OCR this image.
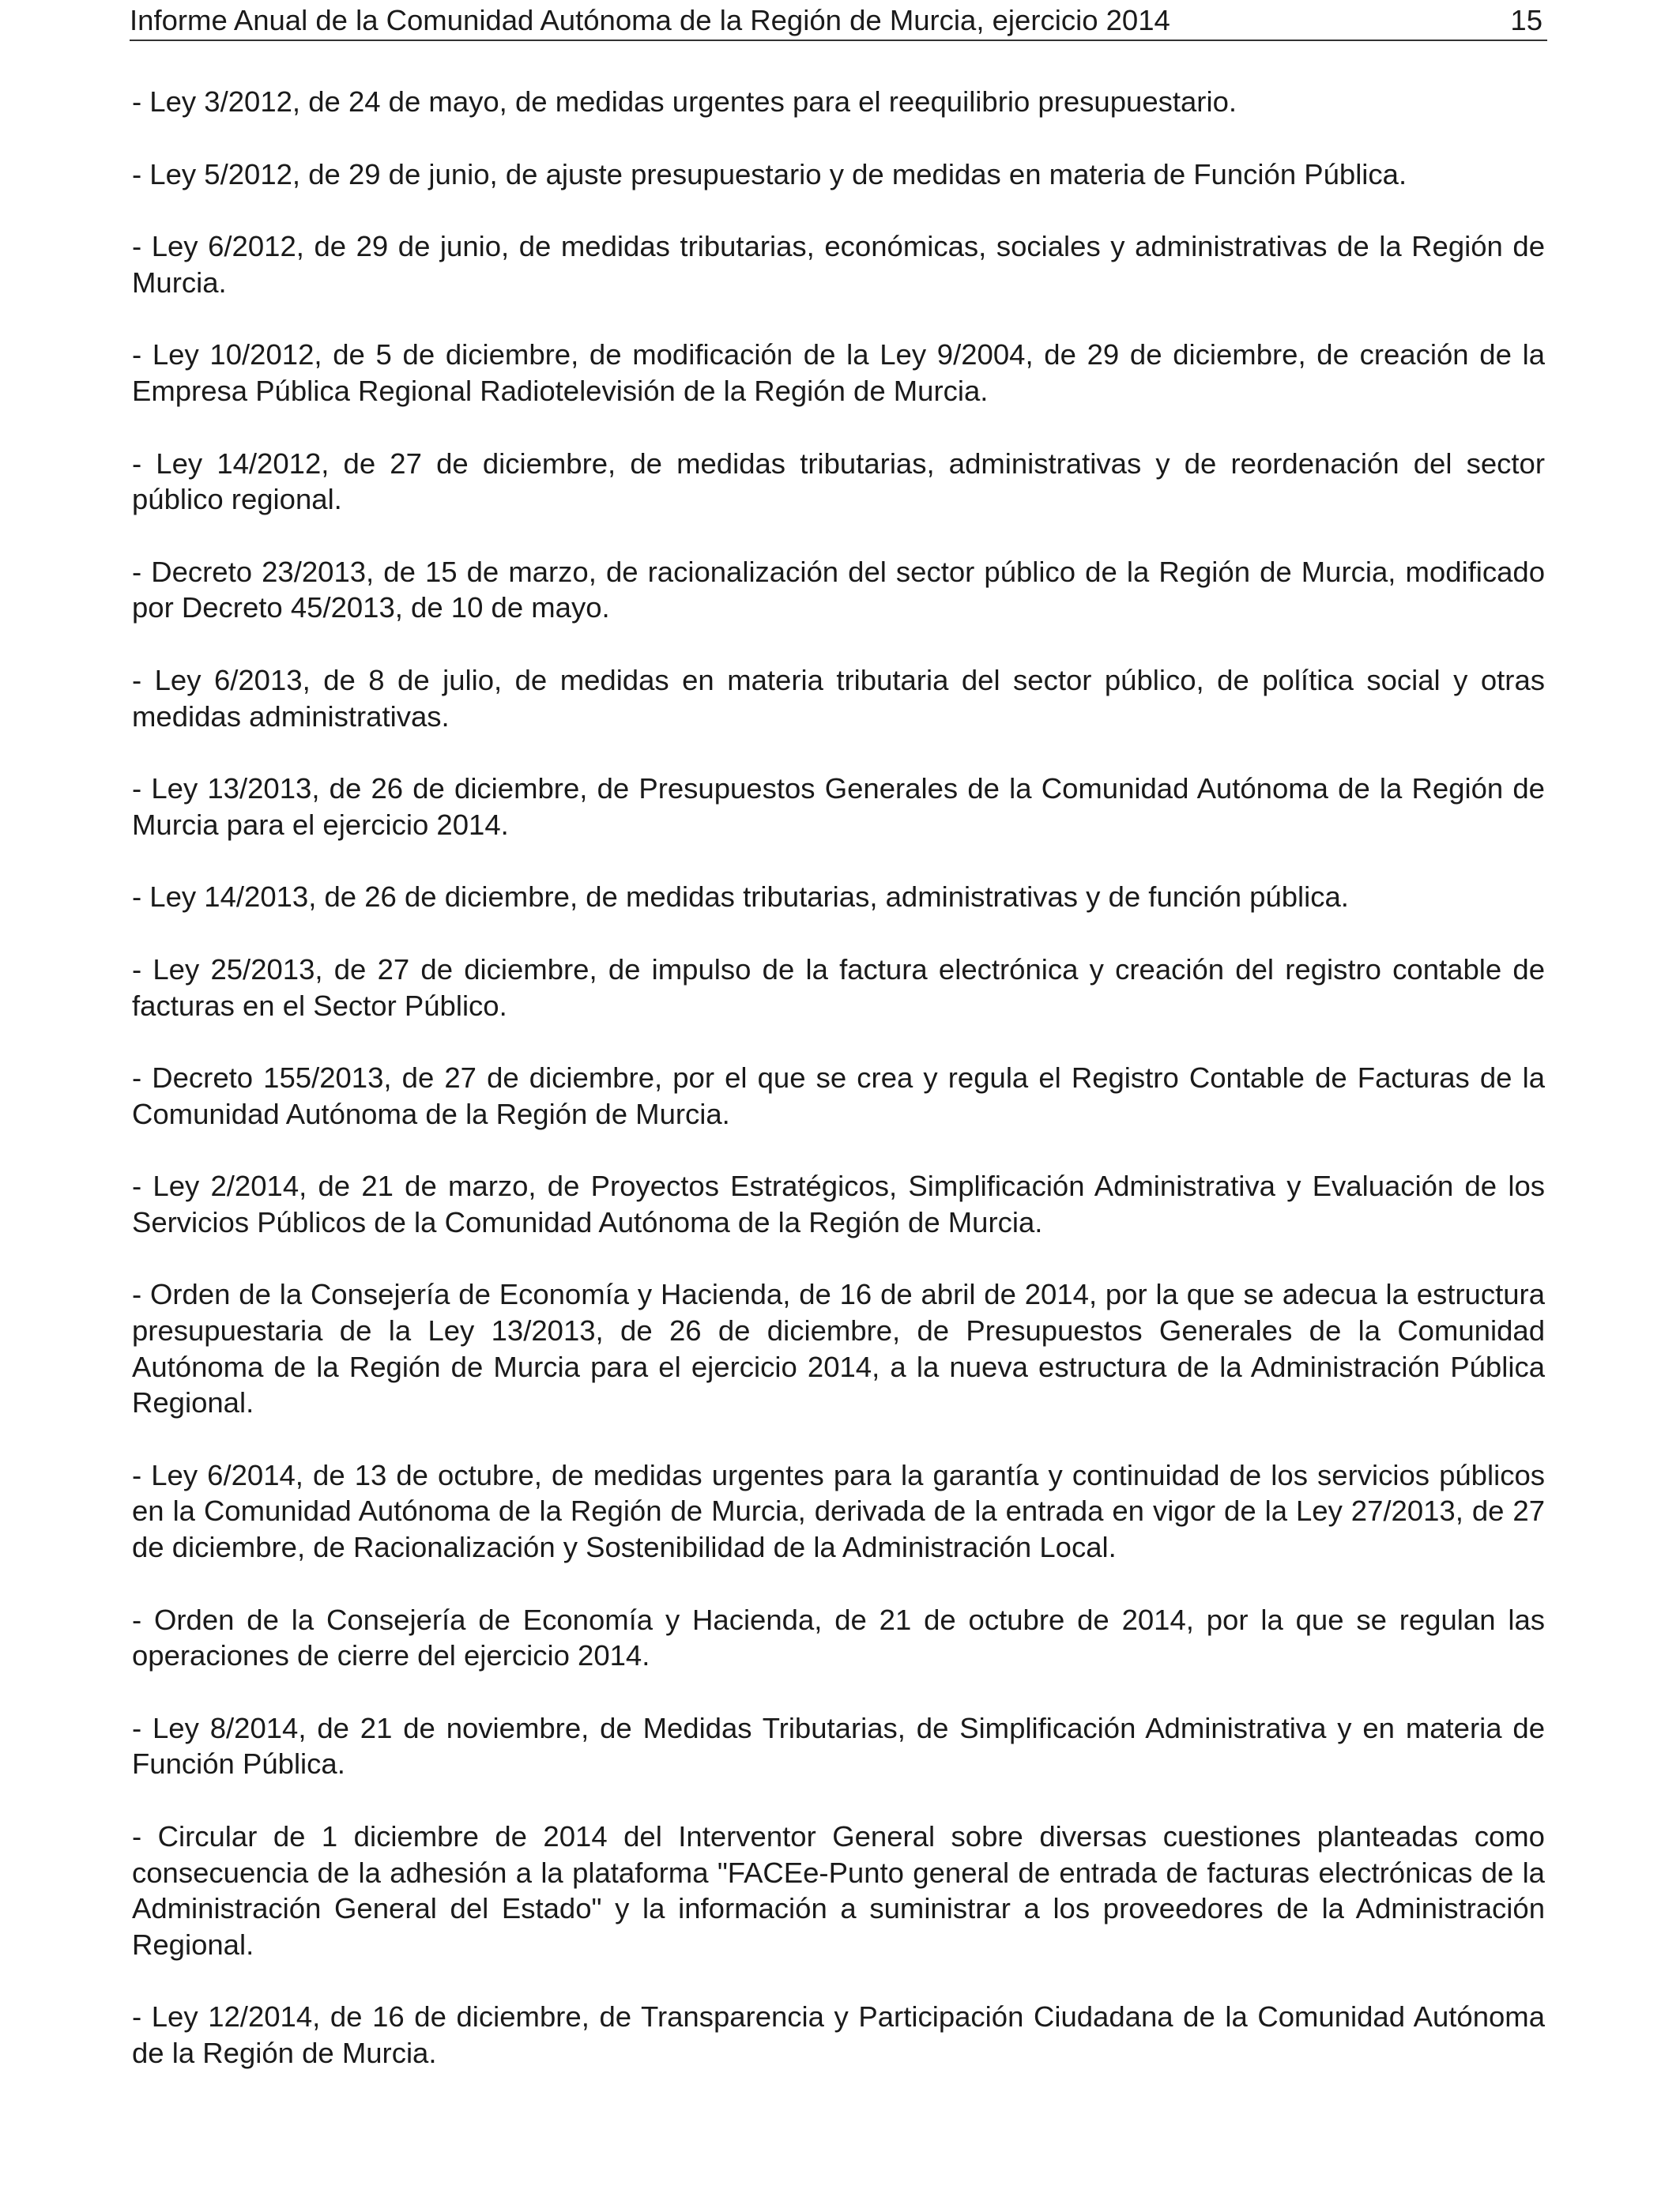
Informe Anual de la Comunidad Autónoma de la Región de Murcia, ejercicio 2014	15

- Ley 3/2012, de 24 de mayo, de medidas urgentes para el reequilibrio presupuestario.

- Ley 5/2012, de 29 de junio, de ajuste presupuestario y de medidas en materia de Función Pública.

- Ley 6/2012, de 29 de junio, de medidas tributarias, económicas, sociales y administrativas de la Región de Murcia.

- Ley 10/2012, de 5 de diciembre, de modificación de la Ley 9/2004, de 29 de diciembre, de creación de la Empresa Pública Regional Radiotelevisión de la Región de Murcia.

- Ley 14/2012, de 27 de diciembre, de medidas tributarias, administrativas y de reordenación del sector público regional.

- Decreto 23/2013, de 15 de marzo, de racionalización del sector público de la Región de Murcia, modificado por Decreto 45/2013, de 10 de mayo.

- Ley 6/2013, de 8 de julio, de medidas en materia tributaria del sector público, de política social y otras medidas administrativas.

- Ley 13/2013, de 26 de diciembre, de Presupuestos Generales de la Comunidad Autónoma de la Región de Murcia para el ejercicio 2014.

- Ley 14/2013, de 26 de diciembre, de medidas tributarias, administrativas y de función pública.

- Ley 25/2013, de 27 de diciembre, de impulso de la factura electrónica y creación del registro contable de facturas en el Sector Público.

- Decreto 155/2013, de 27 de diciembre, por el que se crea y regula el Registro Contable de Facturas de la Comunidad Autónoma de la Región de Murcia.

- Ley 2/2014, de 21 de marzo, de Proyectos Estratégicos, Simplificación Administrativa y Evaluación de los Servicios Públicos de la Comunidad Autónoma de la Región de Murcia.

- Orden de la Consejería de Economía y Hacienda, de 16 de abril de 2014, por la que se adecua la estructura presupuestaria de la Ley 13/2013, de 26 de diciembre, de Presupuestos Generales de la Comunidad Autónoma de la Región de Murcia para el ejercicio 2014, a la nueva estructura de la Administración Pública Regional.

- Ley 6/2014, de 13 de octubre, de medidas urgentes para la garantía y continuidad de los servicios públicos en la Comunidad Autónoma de la Región de Murcia, derivada de la entrada en vigor de la Ley 27/2013, de 27 de diciembre, de Racionalización y Sostenibilidad de la Administración Local.

- Orden de la Consejería de Economía y Hacienda, de 21 de octubre de 2014, por la que se regulan las operaciones de cierre del ejercicio 2014.

- Ley 8/2014, de 21 de noviembre, de Medidas Tributarias, de Simplificación Administrativa y en materia de Función Pública.

- Circular de 1 diciembre de 2014 del Interventor General sobre diversas cuestiones planteadas como consecuencia de la adhesión a la plataforma "FACEe-Punto general de entrada de facturas electrónicas de la Administración General del Estado" y la información a suministrar a los proveedores de la Administración Regional.

- Ley 12/2014, de 16 de diciembre, de Transparencia y Participación Ciudadana de la Comunidad Autónoma de la Región de Murcia.
